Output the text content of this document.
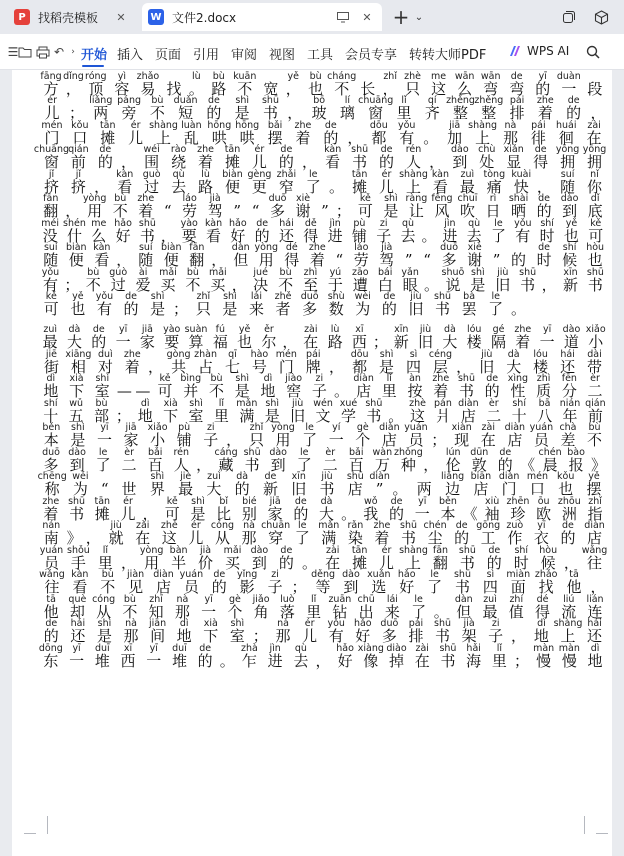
P	找稻壳模板	✕	W 文件2.docx	✕ + ⌄
☰	↶ › 开始 插入 页面 引用 审阅 视图 工具 会员专享 转转大师PDF	WPS AI
fāng
方
dǐng
，
róng
顶
yì
容
zhǎo
易 找
lù
。
bù
路
kuān
不 宽
yě
，
bù
也
cháng
不 长
zhǐ
，
zhè
只
me
这
wān
么
wān
弯
de
弯
yī
的
duàn
一 段
ér
儿 ；
liǎng
两
páng
旁
bù
不
duǎn
短
de
的
shì
是
shū
书 ，
bō
玻
lí
璃
chuāng
窗
lǐ
里
qí
齐
zhěng
整
zhěng
整
pái
排
zhe
着
de
的 ，
mén
门
kǒu
口
tān
摊
ér
儿
shàng
上
luàn
乱
hōng
哄
hōng
哄
bǎi
摆
zhe
着
de
的 ，
dōu
都
yǒu
有 。
jiā
加
shàng
上
nà
那
pái
徘
huái
徊
zài
在
chuāng
窗
qián
前
de
的 ，
wéi
围
rào
绕
zhe
着
tān
摊
ér
儿
de
的 ，
kàn
看
shū
书
de
的
rén
人 ，
dào
到
chù
处
xiǎn
显
de
得
yōng
拥
yōng
拥
jǐ
挤
jǐ
挤 ，
kàn
看
guò
过
qù
去
lù
路
biàn
便
gèng
更
zhǎi
窄
le
了 。
tān
摊
ér
儿
shàng
上
kàn
看
zuì
最
tòng
痛
kuài
快 ，
suí
随
nǐ
你
fān
翻 ，
yòng
用
bù
不
zhe
着 “
láo
劳
jià
驾 ” “
duō
多
xiè
谢 ” ；
kě
可
shì
是
ràng
让
fēng
风
chuī
吹
rì
日
shài
晒
de
的
dào
到
dǐ
底
méi
没
shén
什
me
么
hǎo
好
shū
书 ，
yào
要
kàn
看
hǎo
好
de
的
hái
还
dě
得
jìn
进
pù
铺
zi
子
qù
去 。
jìn
进
qù
去
le
了
yǒu
有
shí
时
yě
也
kě
可
suí
随
biàn
便
kàn
看 ，
suí
随
biàn
便
fān
翻 ，
dàn
但
yòng
用
dé
得
zhe
着 “
láo
劳
jià
驾 ” “
duō
多
xiè
谢 ” 的
de
时
shí
候
hòu
也
yǒu
有 ；
bù
不
guò
过
ài
爱
mǎi
买
bù
不
mǎi
买 ，
jué
决
bù
不
zhì
至
yú
于
zāo
遭
bái
白
yǎn
眼 。
shuō
说
shì
是
jiù
旧
shū
书 ，
xīn
新
shū
书
kě
可
yě
也
yǒu
有
de
的
shì
是 ；
zhǐ
只
shì
是
lái
来
zhě
者
duō
多
shù
数
wèi
为
de
的
jiù
旧
shū
书
bà
罢
le
了 。
zuì
最
dà
大
de
的
yī
一
jiā
家
yào
要
suàn
算
fú
福
yě
也
ěr
尔 ，
zài
在
lù
路
xī
西 ；
xīn
新
jiù
旧
dà
大
lóu
楼
gé
隔
zhe
着
yī
一
dào
道
xiǎo
小
jiē
街
xiāng
相
duì
对
zhe
着 ，
gòng
共
zhàn
占
qī
七
hào
号
mén
门
pái
牌 ，
dōu
都
shì
是
sì
四
céng
层 ，
jiù
旧
dà
大
lóu
楼
hái
还
dài
带
dì
地
xià
下
shì
室 — —
kě
可
bìng
并
bù
不
shì
是
dì
地
jiào
窖
zi
子 。
diàn
店
lǐ
里
àn
按
zhe
着
shū
书
de
的
xìng
性
zhì
质
fēn
分
èr
二
shí
十
wǔ
五
bù
部 ；
dì
地
xià
下
shì
室
lǐ
里
mǎn
满
shì
是
jiù
旧
wén
文
xué
学
shū
书 。
zhè
这
pán
爿
diàn
店
èr
二
shí
十
bā
八
nián
年
qián
前
běn
本
shì
是
yī
一
jiā
家
xiǎo
小
pù
铺
zi
子 ，
zhǐ
只
yòng
用
le
了
yí
一
gè
个
diàn
店
yuán
员 ；
xiàn
现
zài
在
diàn
店
yuán
员
chà
差
bù
不
duō
多
dào
到
le
了
èr
二
bǎi
百
rén
人 ，
cáng
藏
shū
书
dào
到
le
了
èr
二
bǎi
百
wàn
万
zhǒng
种 ，
lún
伦
dūn
敦
de
的 《
chén
晨
bào
报 》
chēng
称
wéi
为 “ 世
shì
界
jiè
最
zuì
大
dà
的
de
新
xīn
旧
jiù
书
shū
店
diàn
” 。 两
liǎng
边
biān
店
diàn
门
mén
口
kǒu
也
yě
摆
zhe
着
shū
书
tān
摊
ér
儿 ，
kě
可
shì
是
bǐ
比
bié
别
jiā
家
de
的
dà
大 。
wǒ
我
de
的
yī
一
běn
本 《
xiù
袖
zhēn
珍
ōu
欧
zhōu
洲
zhǐ
指
nán
南 》 ，
jiù
就
zài
在
zhè
这
ér
儿
cóng
从
nà
那
chuān
穿
le
了
mǎn
满
rǎn
染
zhe
着
shū
书
chén
尘
de
的
gōng
工
zuò
作
yī
衣
de
的
diàn
店
yuán
员
shǒu
手
lǐ
里 ，
yòng
用
bàn
半
jià
价
mǎi
买
dào
到
de
的 。
zài
在
tān
摊
ér
儿
shàng
上
fān
翻
shū
书
de
的
shí
时
hòu
候 ，
wǎng
往
wǎng
往
kàn
看
bù
不
jiàn
见
diàn
店
yuán
员
de
的
yǐng
影
zi
子 ；
děng
等
dào
到
xuǎn
选
hǎo
好
le
了
shū
书
sì
四
miàn
面
zhǎo
找
tā
他 ，
tā
他
què
却
cóng
从
bù
不
zhī
知
nà
那
yī
一
gè
个
jiǎo
角
luò
落
lǐ
里
zuān
钻
chū
出
lái
来
le
了 。
dàn
但
zuì
最
zhí
值
dé
得
liú
流
lián
连
de
的
hái
还
shì
是
nà
那
jiān
间
dì
地
xià
下
shì
室 ；
nà
那
ér
儿
yǒu
有
hǎo
好
duō
多
pái
排
shū
书
jià
架
zi
子 ，
dì
地
shàng
上
hái
还
dōng
东
yī
一
duī
堆
xī
西
yī
一
duī
堆
de
的 。
zhà
乍
jìn
进
qù
去 ，
hǎo
好
xiàng
像
diào
掉
zài
在
shū
书
hǎi
海
lǐ
里 ；
màn
慢
màn
慢
dì
地
